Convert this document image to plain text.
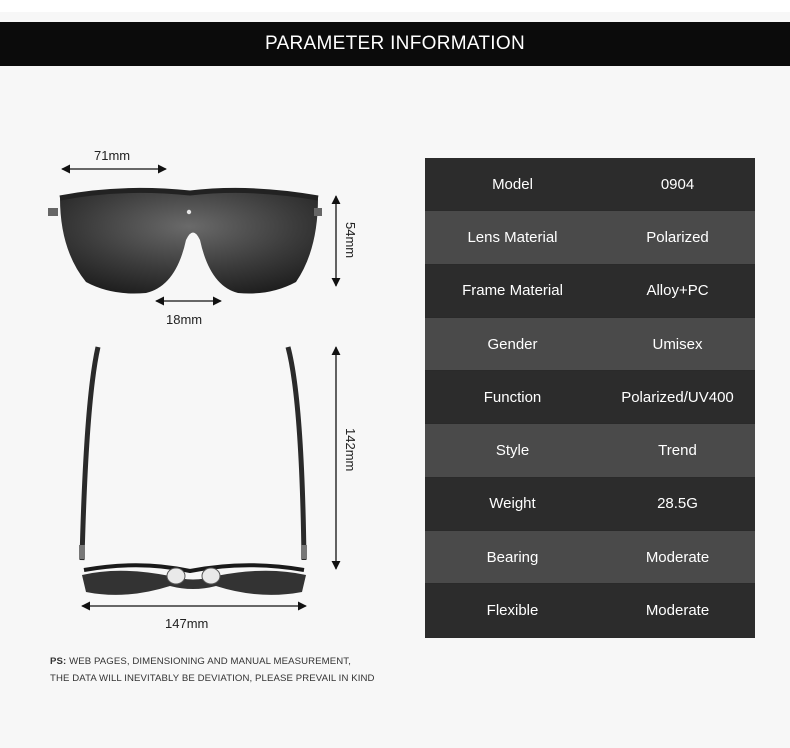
PARAMETER INFORMATION
71mm
54mm
18mm
142mm
147mm
Model	0904
Lens Material	Polarized
Frame Material	Alloy+PC
Gender	Umisex
Function	Polarized/UV400
Style	Trend
Weight	28.5G
Bearing	Moderate
Flexible	Moderate
PS: WEB PAGES, DIMENSIONING AND MANUAL MEASUREMENT,
THE DATA WILL INEVITABLY BE DEVIATION, PLEASE PREVAIL IN KIND
